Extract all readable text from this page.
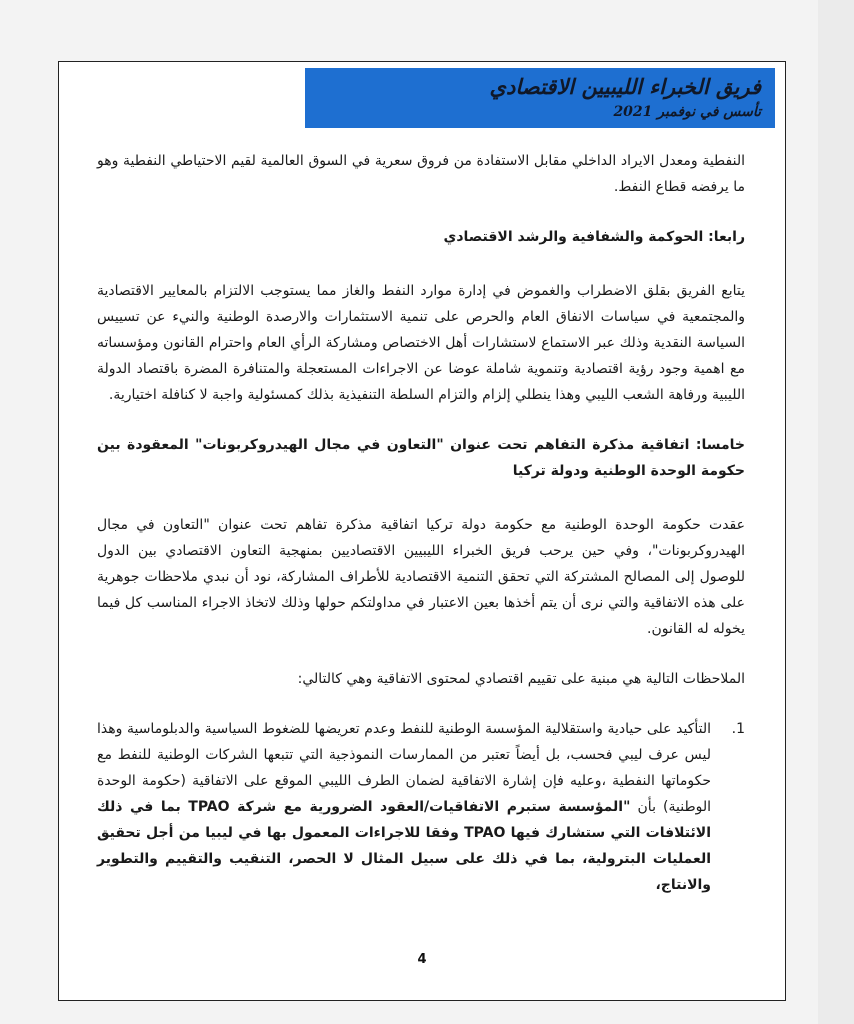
فريق الخبراء الليبيين الاقتصادي
تأسس في نوفمبر 2021

النفطية ومعدل الايراد الداخلي مقابل الاستفادة من فروق سعرية في السوق العالمية لقيم الاحتياطي النفطية وهو ما يرفضه قطاع النفط.

رابعا: الحوكمة والشفافية والرشد الاقتصادي

يتابع الفريق بقلق الاضطراب والغموض في إدارة موارد النفط والغاز مما يستوجب الالتزام بالمعايير الاقتصادية والمجتمعية في سياسات الانفاق العام والحرص على تنمية الاستثمارات والارصدة الوطنية والنيء عن تسييس السياسة النقدية وذلك عبر الاستماع لاستشارات أهل الاختصاص ومشاركة الرأي العام واحترام القانون ومؤسساته مع اهمية وجود رؤية اقتصادية وتنموية شاملة عوضا عن الاجراءات المستعجلة والمتنافرة المضرة باقتصاد الدولة الليبية ورفاهة الشعب الليبي وهذا ينطلي إلزام والتزام السلطة التنفيذية بذلك كمسئولية واجبة لا كنافلة اختيارية.

خامسا: اتفاقية مذكرة التفاهم تحت عنوان "التعاون في مجال الهيدروكربونات" المعقودة بين حكومة الوحدة الوطنية ودولة تركيا

عقدت حكومة الوحدة الوطنية مع حكومة دولة تركيا اتفاقية مذكرة تفاهم تحت عنوان "التعاون في مجال الهيدروكربونات"، وفي حين يرحب فريق الخبراء الليبيين الاقتصاديين بمنهجية التعاون الاقتصادي بين الدول للوصول إلى المصالح المشتركة التي تحقق التنمية الاقتصادية للأطراف المشاركة، نود أن نبدي ملاحظات جوهرية على هذه الاتفاقية والتي نرى أن يتم أخذها بعين الاعتبار في مداولتكم حولها وذلك لاتخاذ الاجراء المناسب كل فيما يخوله له القانون.

الملاحظات التالية هي مبنية على تقييم اقتصادي لمحتوى الاتفاقية وهي كالتالي:

1.
التأكيد على حيادية واستقلالية المؤسسة الوطنية للنفط وعدم تعريضها للضغوط السياسية والدبلوماسية وهذا ليس عرف ليبي فحسب، بل أيضاً تعتبر من الممارسات النموذجية التي تتبعها الشركات الوطنية للنفط مع حكوماتها النفطية ،وعليه فإن إشارة الاتفاقية لضمان الطرف الليبي الموقع على الاتفاقية (حكومة الوحدة الوطنية) بأن "المؤسسة ستبرم الاتفاقيات/العقود الضرورية مع شركة TPAO بما في ذلك الائتلافات التي ستشارك فيها TPAO وفقا للاجراءات المعمول بها في ليبيا من أجل تحقيق العمليات البترولية، بما في ذلك على سبيل المثال لا الحصر، التنقيب والتقييم والتطوير والانتاج،
4
